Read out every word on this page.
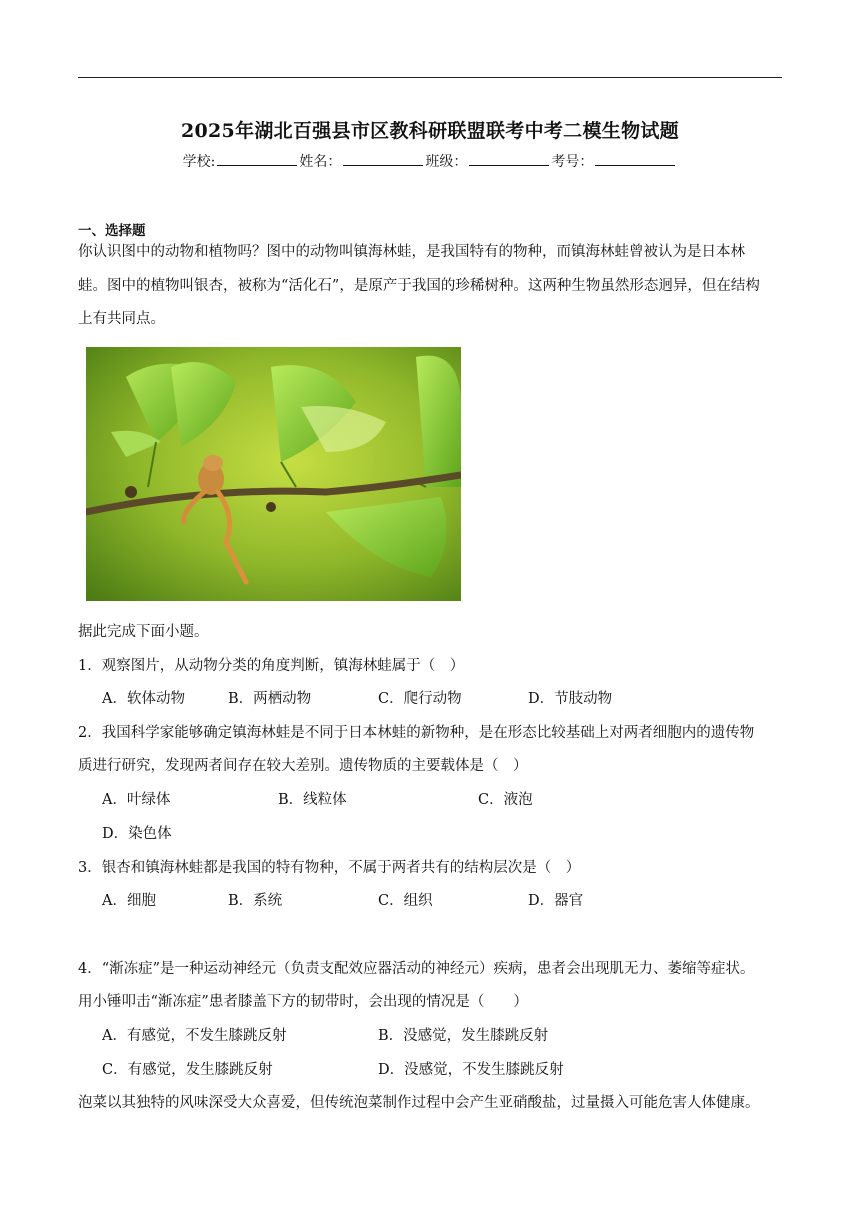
2025年湖北百强县市区教科研联盟联考中考二模生物试题
学校:	姓名：	班级：	考号：
一、选择题
你认识图中的动物和植物吗？图中的动物叫镇海林蛙，是我国特有的物种，而镇海林蛙曾被认为是日本林
蛙。图中的植物叫银杏，被称为“活化石”，是原产于我国的珍稀树种。这两种生物虽然形态迥异，但在结构
上有共同点。
据此完成下面小题。
1．观察图片，从动物分类的角度判断，镇海林蛙属于（　）
A．软体动物	B．两栖动物	C．爬行动物	D．节肢动物
2．我国科学家能够确定镇海林蛙是不同于日本林蛙的新物种，是在形态比较基础上对两者细胞内的遗传物
质进行研究，发现两者间存在较大差别。遗传物质的主要载体是（　）
A．叶绿体	B．线粒体	C．液泡
D．染色体
3．银杏和镇海林蛙都是我国的特有物种，不属于两者共有的结构层次是（　）
A．细胞	B．系统	C．组织	D．器官
4．“渐冻症”是一种运动神经元（负责支配效应器活动的神经元）疾病，患者会出现肌无力、萎缩等症状。
用小锤叩击“渐冻症”患者膝盖下方的韧带时，会出现的情况是（　　）
A．有感觉，不发生膝跳反射	B．没感觉，发生膝跳反射
C．有感觉，发生膝跳反射	D．没感觉，不发生膝跳反射
泡菜以其独特的风味深受大众喜爱，但传统泡菜制作过程中会产生亚硝酸盐，过量摄入可能危害人体健康。
